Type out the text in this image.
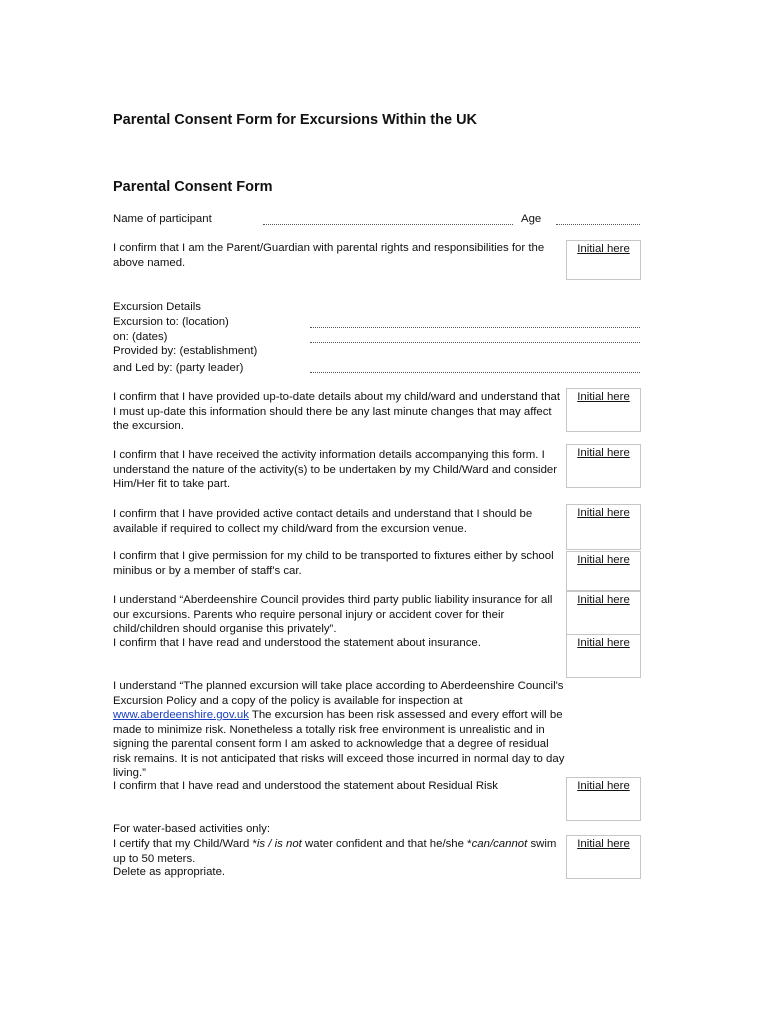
Parental Consent Form for Excursions Within the UK
Parental Consent Form
Name of participant	Age
I confirm that I am the Parent/Guardian with parental rights and responsibilities for the above named.
Initial here
Excursion Details
Excursion to: (location)
on: (dates)
Provided by: (establishment)
and Led by: (party leader)
I confirm that I have provided up-to-date details about my child/ward and understand that I must up-date this information should there be any last minute changes that may affect the excursion.
Initial here
I confirm that I have received the activity information details accompanying this form. I understand the nature of the activity(s) to be undertaken by my Child/Ward and consider Him/Her fit to take part.
Initial here
I confirm that I have provided active contact details and understand that I should be available if required to collect my child/ward from the excursion venue.
Initial here
I confirm that I give permission for my child to be transported to fixtures either by school minibus or by a member of staff's car.
Initial here
I understand “Aberdeenshire Council provides third party public liability insurance for all our excursions. Parents who require personal injury or accident cover for their child/children should organise this privately”.
I confirm that I have read and understood the statement about insurance.
Initial here
Initial here
I understand “The planned excursion will take place according to Aberdeenshire Council's Excursion Policy and a copy of the policy is available for inspection at www.aberdeenshire.gov.uk The excursion has been risk assessed and every effort will be made to minimize risk. Nonetheless a totally risk free environment is unrealistic and in signing the parental consent form I am asked to acknowledge that a degree of residual risk remains. It is not anticipated that risks will exceed those incurred in normal day to day living.”
I confirm that I have read and understood the statement about Residual Risk	Initial here
For water-based activities only:
I certify that my Child/Ward *is / is not water confident and that he/she *can/cannot swim up to 50 meters.
Delete as appropriate.
Initial here
